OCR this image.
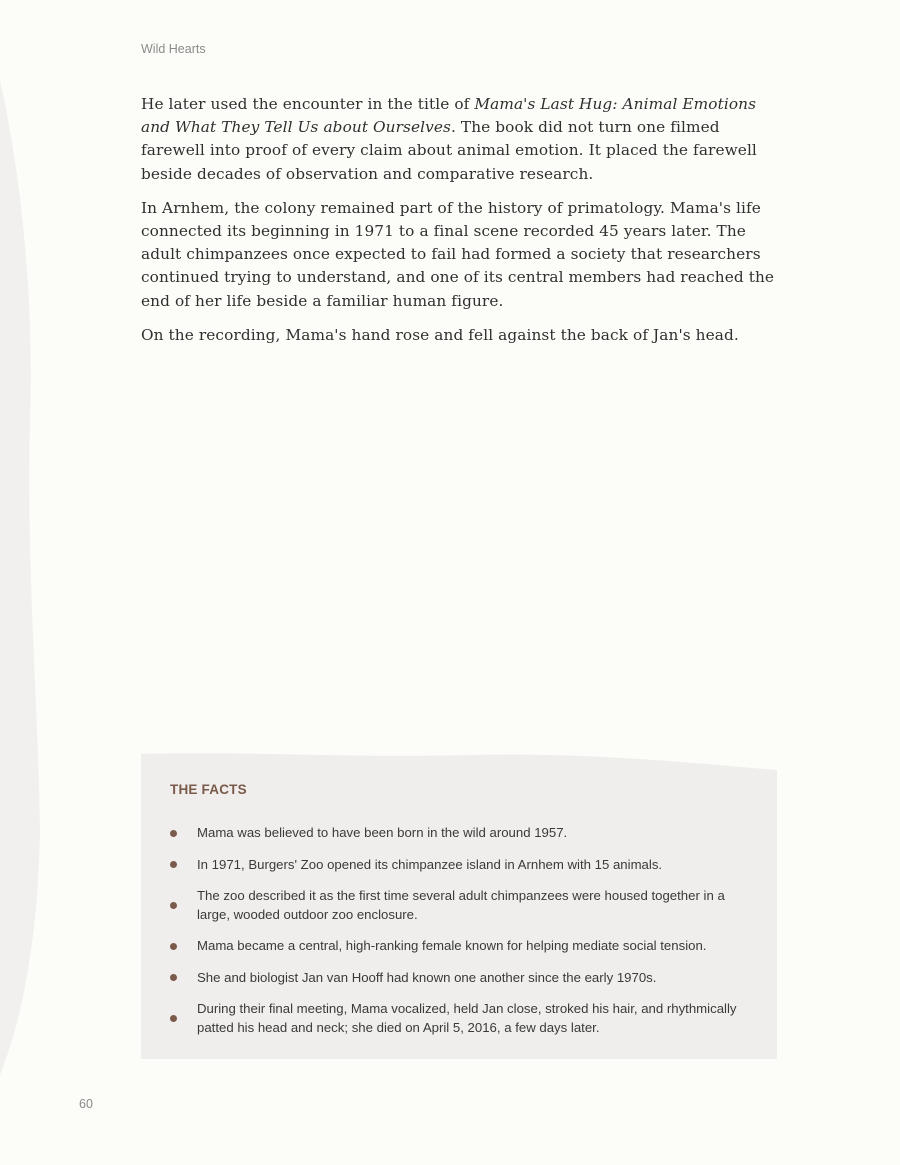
Wild Hearts

He later used the encounter in the title of Mama's Last Hug: Animal Emotions and What They Tell Us about Ourselves. The book did not turn one filmed farewell into proof of every claim about animal emotion. It placed the farewell beside decades of observation and comparative research.

In Arnhem, the colony remained part of the history of primatology. Mama's life connected its beginning in 1971 to a final scene recorded 45 years later. The adult chimpanzees once expected to fail had formed a society that researchers continued trying to understand, and one of its central members had reached the end of her life beside a familiar human figure.

On the recording, Mama's hand rose and fell against the back of Jan's head.

THE FACTS

Mama was believed to have been born in the wild around 1957.
In 1971, Burgers' Zoo opened its chimpanzee island in Arnhem with 15 animals.
The zoo described it as the first time several adult chimpanzees were housed together in a large, wooded outdoor zoo enclosure.
Mama became a central, high-ranking female known for helping mediate social tension.
She and biologist Jan van Hooff had known one another since the early 1970s.
During their final meeting, Mama vocalized, held Jan close, stroked his hair, and rhythmically patted his head and neck; she died on April 5, 2016, a few days later.

60
